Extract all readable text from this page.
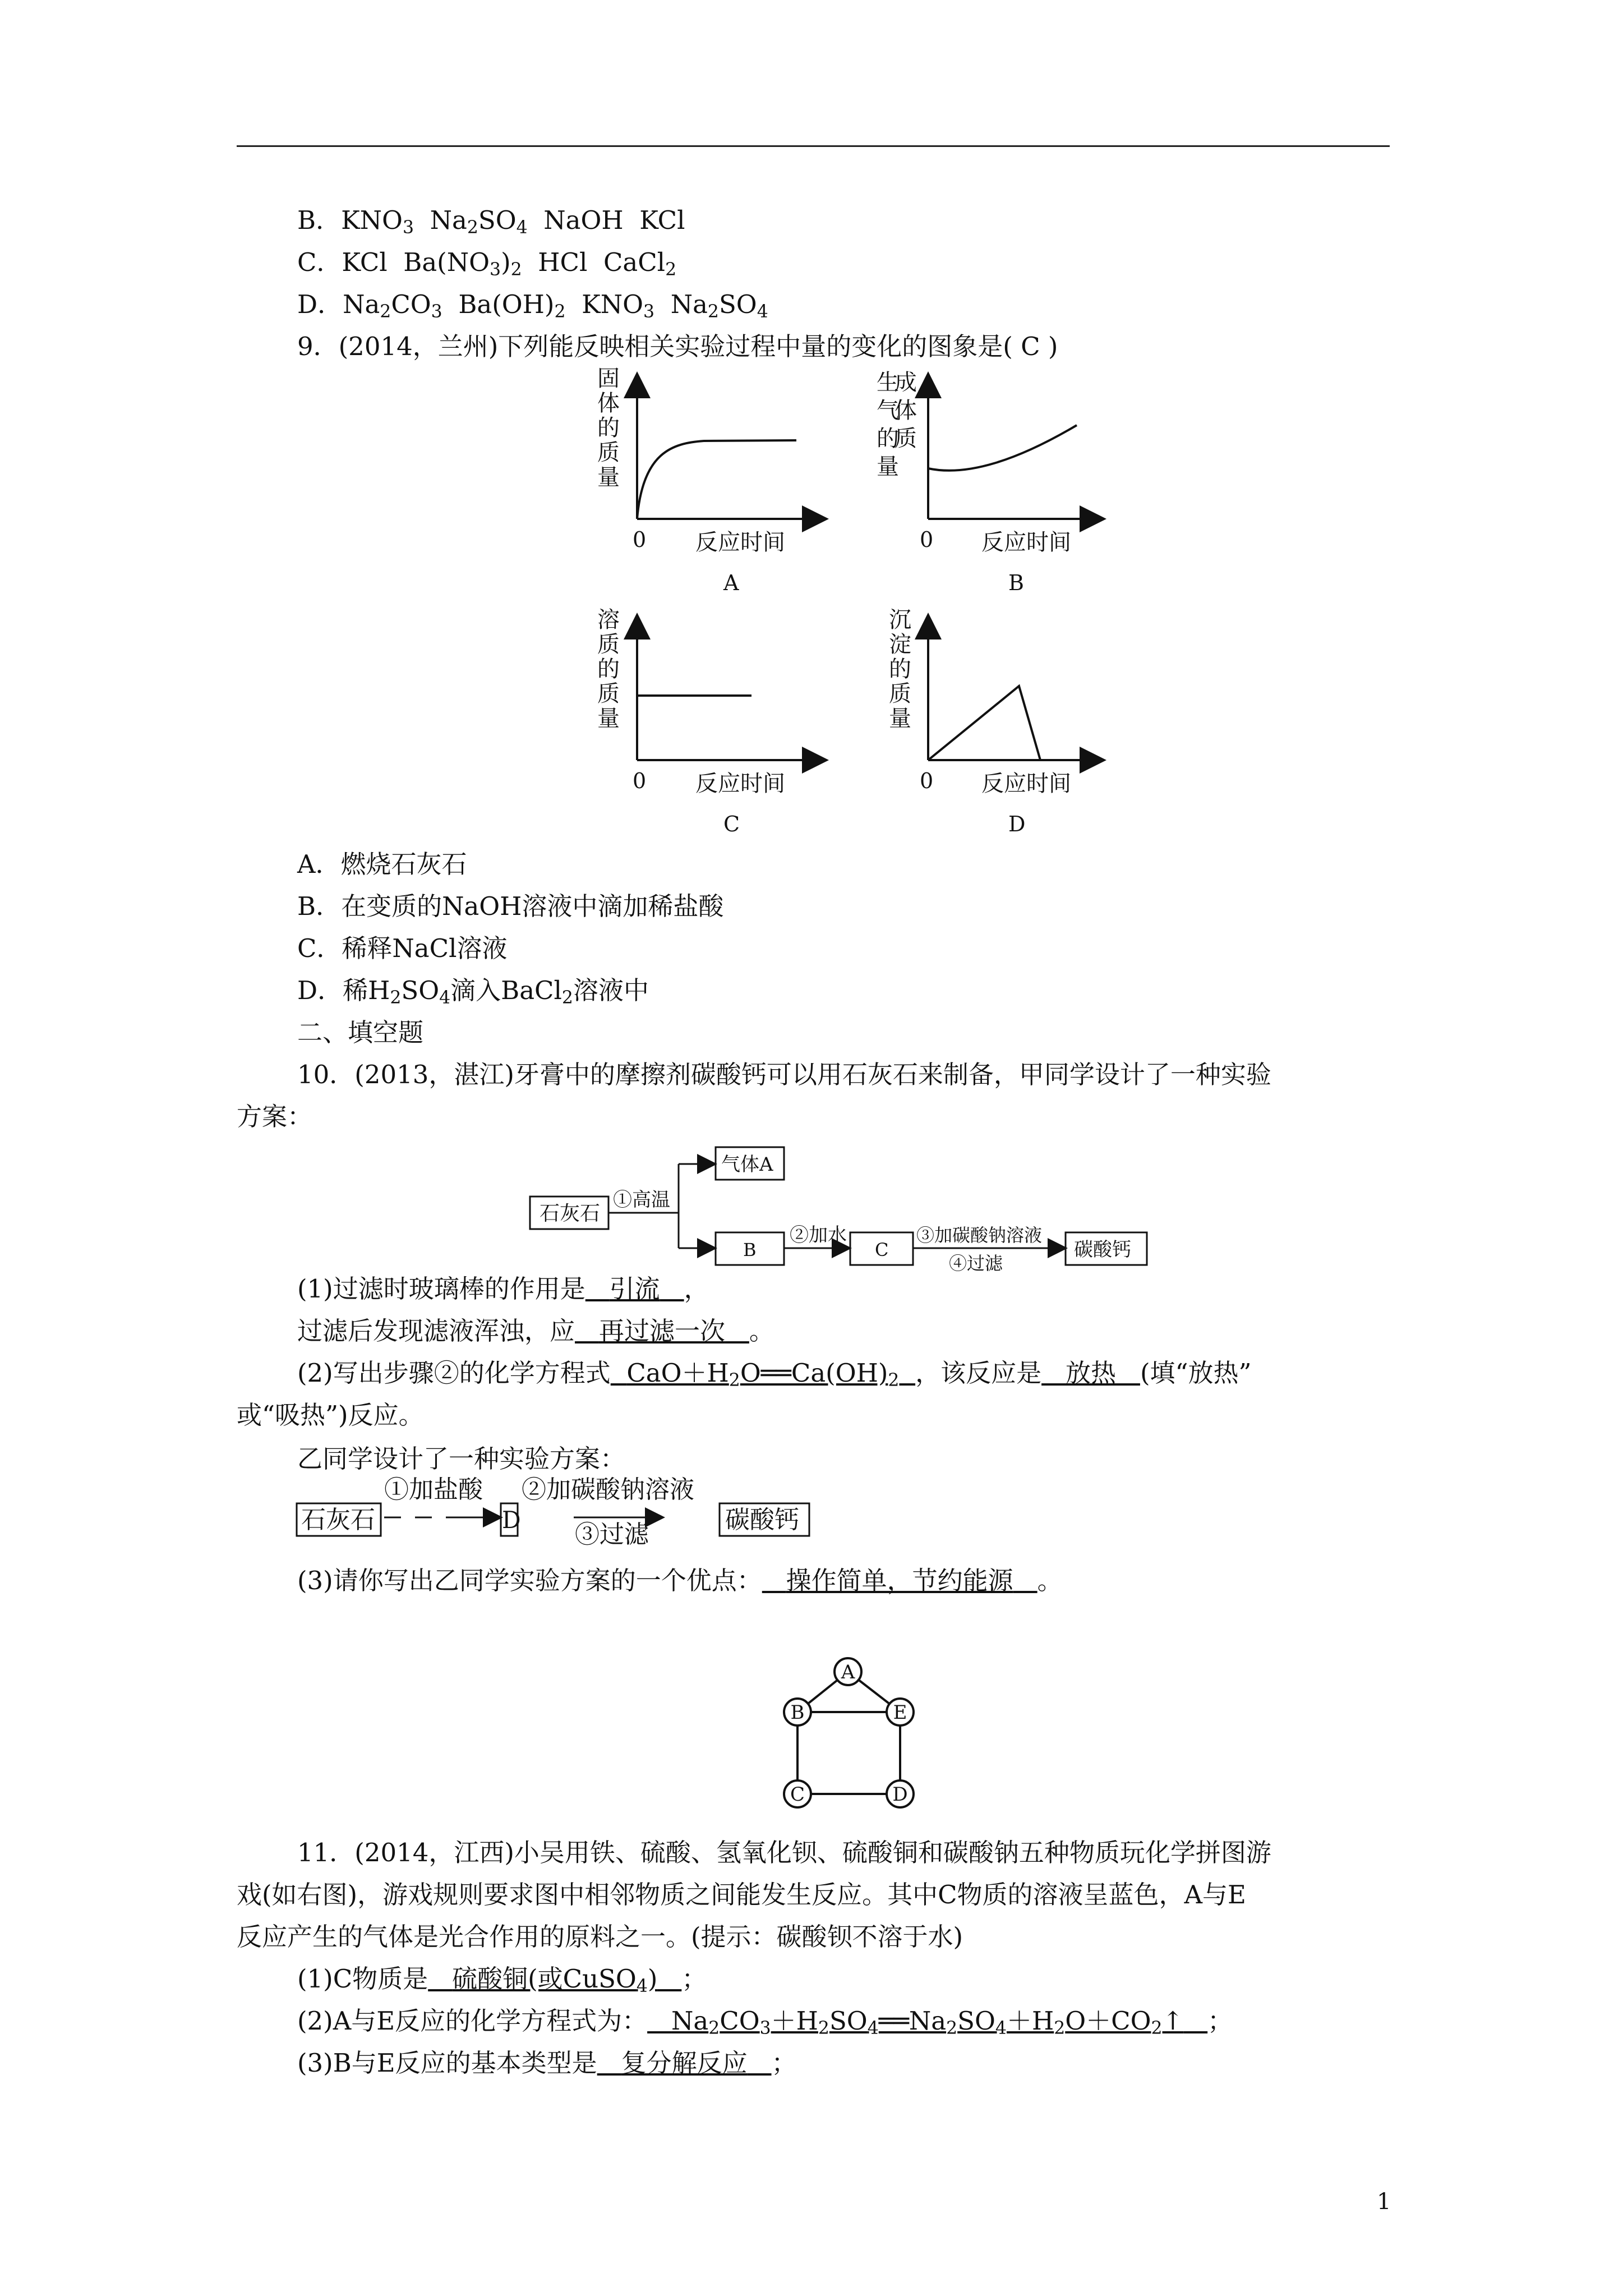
B．$KNO_3$ $Na_2SO_4$ NaOH KCl
C．KCl $Ba(NO_3)_2$ HCl CaCl$_2$
D．$Na_2CO_3$ $Ba(OH)_2$ $KNO_3$ $Na_2SO_4$
9．(2014，兰州)下列能反映相关实验过程中量的变化的图象是( C )
固
体
的
质
量
0 反应时间
A
生
成
气
体
的
质
量
0 反应时间
B
溶
质
的
质
量
0 反应时间
C
沉
淀
的
质
量
0 反应时间
D
A．燃烧石灰石
B．在变质的NaOH溶液中滴加稀盐酸
C．稀释NaCl溶液
D．稀$H_2SO_4$滴入BaCl$_2$溶液中
二、填空题
10．(2013，湛江)牙膏中的摩擦剂碳酸钙可以用石灰石来制备，甲同学设计了一种实验
方案：
石灰石
①高温
气体A
B
②加水
C
③加碳酸钠溶液
④过滤
碳酸钙
(1)过滤时玻璃棒的作用是 引流 ，
过滤后发现滤液浑浊，应 再过滤一次 。
(2)写出步骤②的化学方程式 $CaO+H_2O══Ca(OH)_2$ ，该反应是 放热 (填“放热”
或“吸热”)反应。
乙同学设计了一种实验方案：
石灰石
①加盐酸
D
②加碳酸钠溶液
③过滤
碳酸钙
(3)请你写出乙同学实验方案的一个优点： 操作简单，节约能源 。
A
B	E
C	D
11．(2014，江西)小吴用铁、硫酸、氢氧化钡、硫酸铜和碳酸钠五种物质玩化学拼图游
戏(如右图)，游戏规则要求图中相邻物质之间能发生反应。其中C物质的溶液呈蓝色，A与E
反应产生的气体是光合作用的原料之一。(提示：碳酸钡不溶于水)
(1)C物质是 硫酸铜(或CuSO$_4$) ；
(2)A与E反应的化学方程式为： $Na_2CO_3+H_2SO_4══Na_2SO_4+H_2O+CO_2↑$ ；
(3)B与E反应的基本类型是 复分解反应 ；
1
